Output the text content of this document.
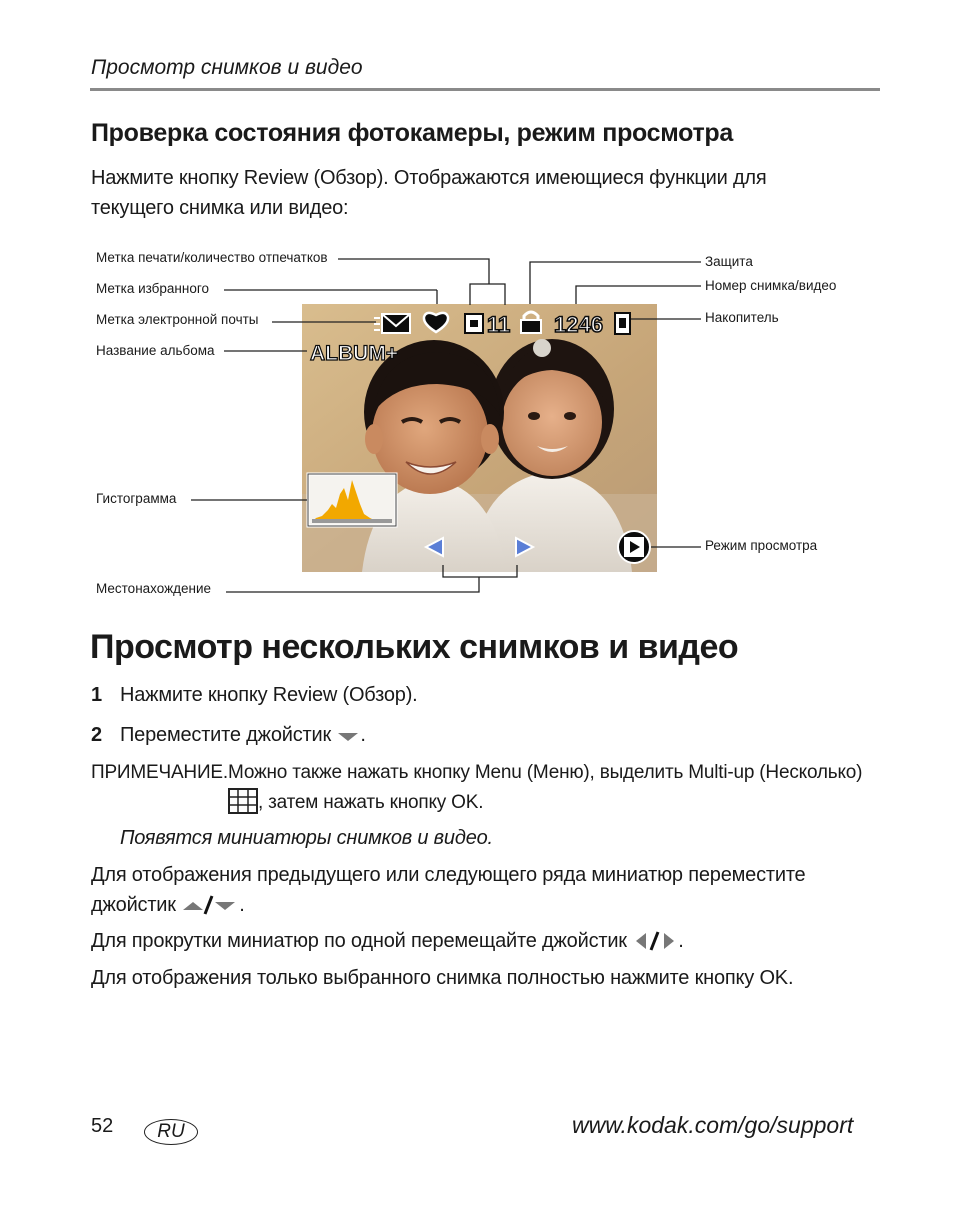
Просмотр снимков и видео
Проверка состояния фотокамеры, режим просмотра
Нажмите кнопку Review (Обзор). Отображаются имеющиеся функции для
текущего снимка или видео:
11 1246
ALBUM+
Метка печати/количество отпечатков
Метка избранного
Метка электронной почты
Название альбома
Гистограмма
Местонахождение
Защита
Номер снимка/видео
Накопитель
Режим просмотра
Просмотр нескольких снимков и видео
1 Нажмите кнопку Review (Обзор).
2 Переместите джойстик .
ПРИМЕЧАНИЕ. Можно также нажать кнопку Menu (Меню), выделить Multi-up (Несколько)
, затем нажать кнопку OK.
Появятся миниатюры снимков и видео.
Для отображения предыдущего или следующего ряда миниатюр переместите
джойстик	.
Для прокрутки миниатюр по одной перемещайте джойстик	.
Для отображения только выбранного снимка полностью нажмите кнопку OK.
52	RU	www.kodak.com/go/support
